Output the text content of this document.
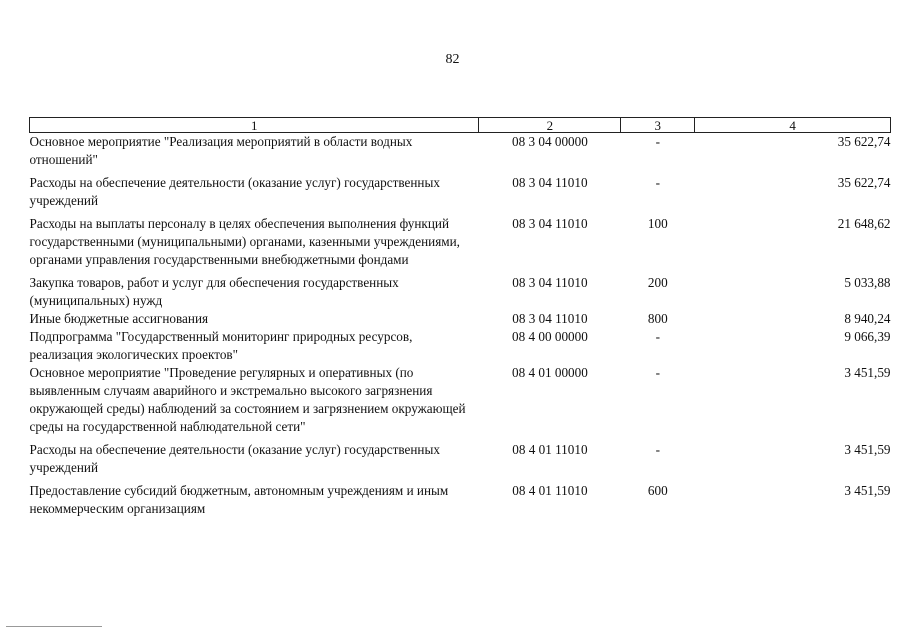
82
1	2	3	4
Основное мероприятие "Реализация мероприятий в области водных отношений"	08 3 04 00000	-	35 622,74
Расходы на обеспечение деятельности (оказание услуг) государственных учреждений	08 3 04 11010	-	35 622,74
Расходы на выплаты персоналу в целях обеспечения выполнения функций государственными (муниципальными) органами, казенными учреждениями, органами управления государственными внебюджетными фондами	08 3 04 11010	100	21 648,62
Закупка товаров, работ и услуг для обеспечения государственных (муниципальных) нужд	08 3 04 11010	200	5 033,88
Иные бюджетные ассигнования	08 3 04 11010	800	8 940,24
Подпрограмма "Государственный мониторинг природных ресурсов, реализация экологических проектов"	08 4 00 00000	-	9 066,39
Основное мероприятие "Проведение регулярных и оперативных (по выявленным случаям аварийного и экстремально высокого загрязнения окружающей среды) наблюдений за состоянием и загрязнением окружающей среды на государственной наблюдательной сети"	08 4 01 00000	-	3 451,59
Расходы на обеспечение деятельности (оказание услуг) государственных учреждений	08 4 01 11010	-	3 451,59
Предоставление субсидий бюджетным, автономным учреждениям и иным некоммерческим организациям	08 4 01 11010	600	3 451,59
